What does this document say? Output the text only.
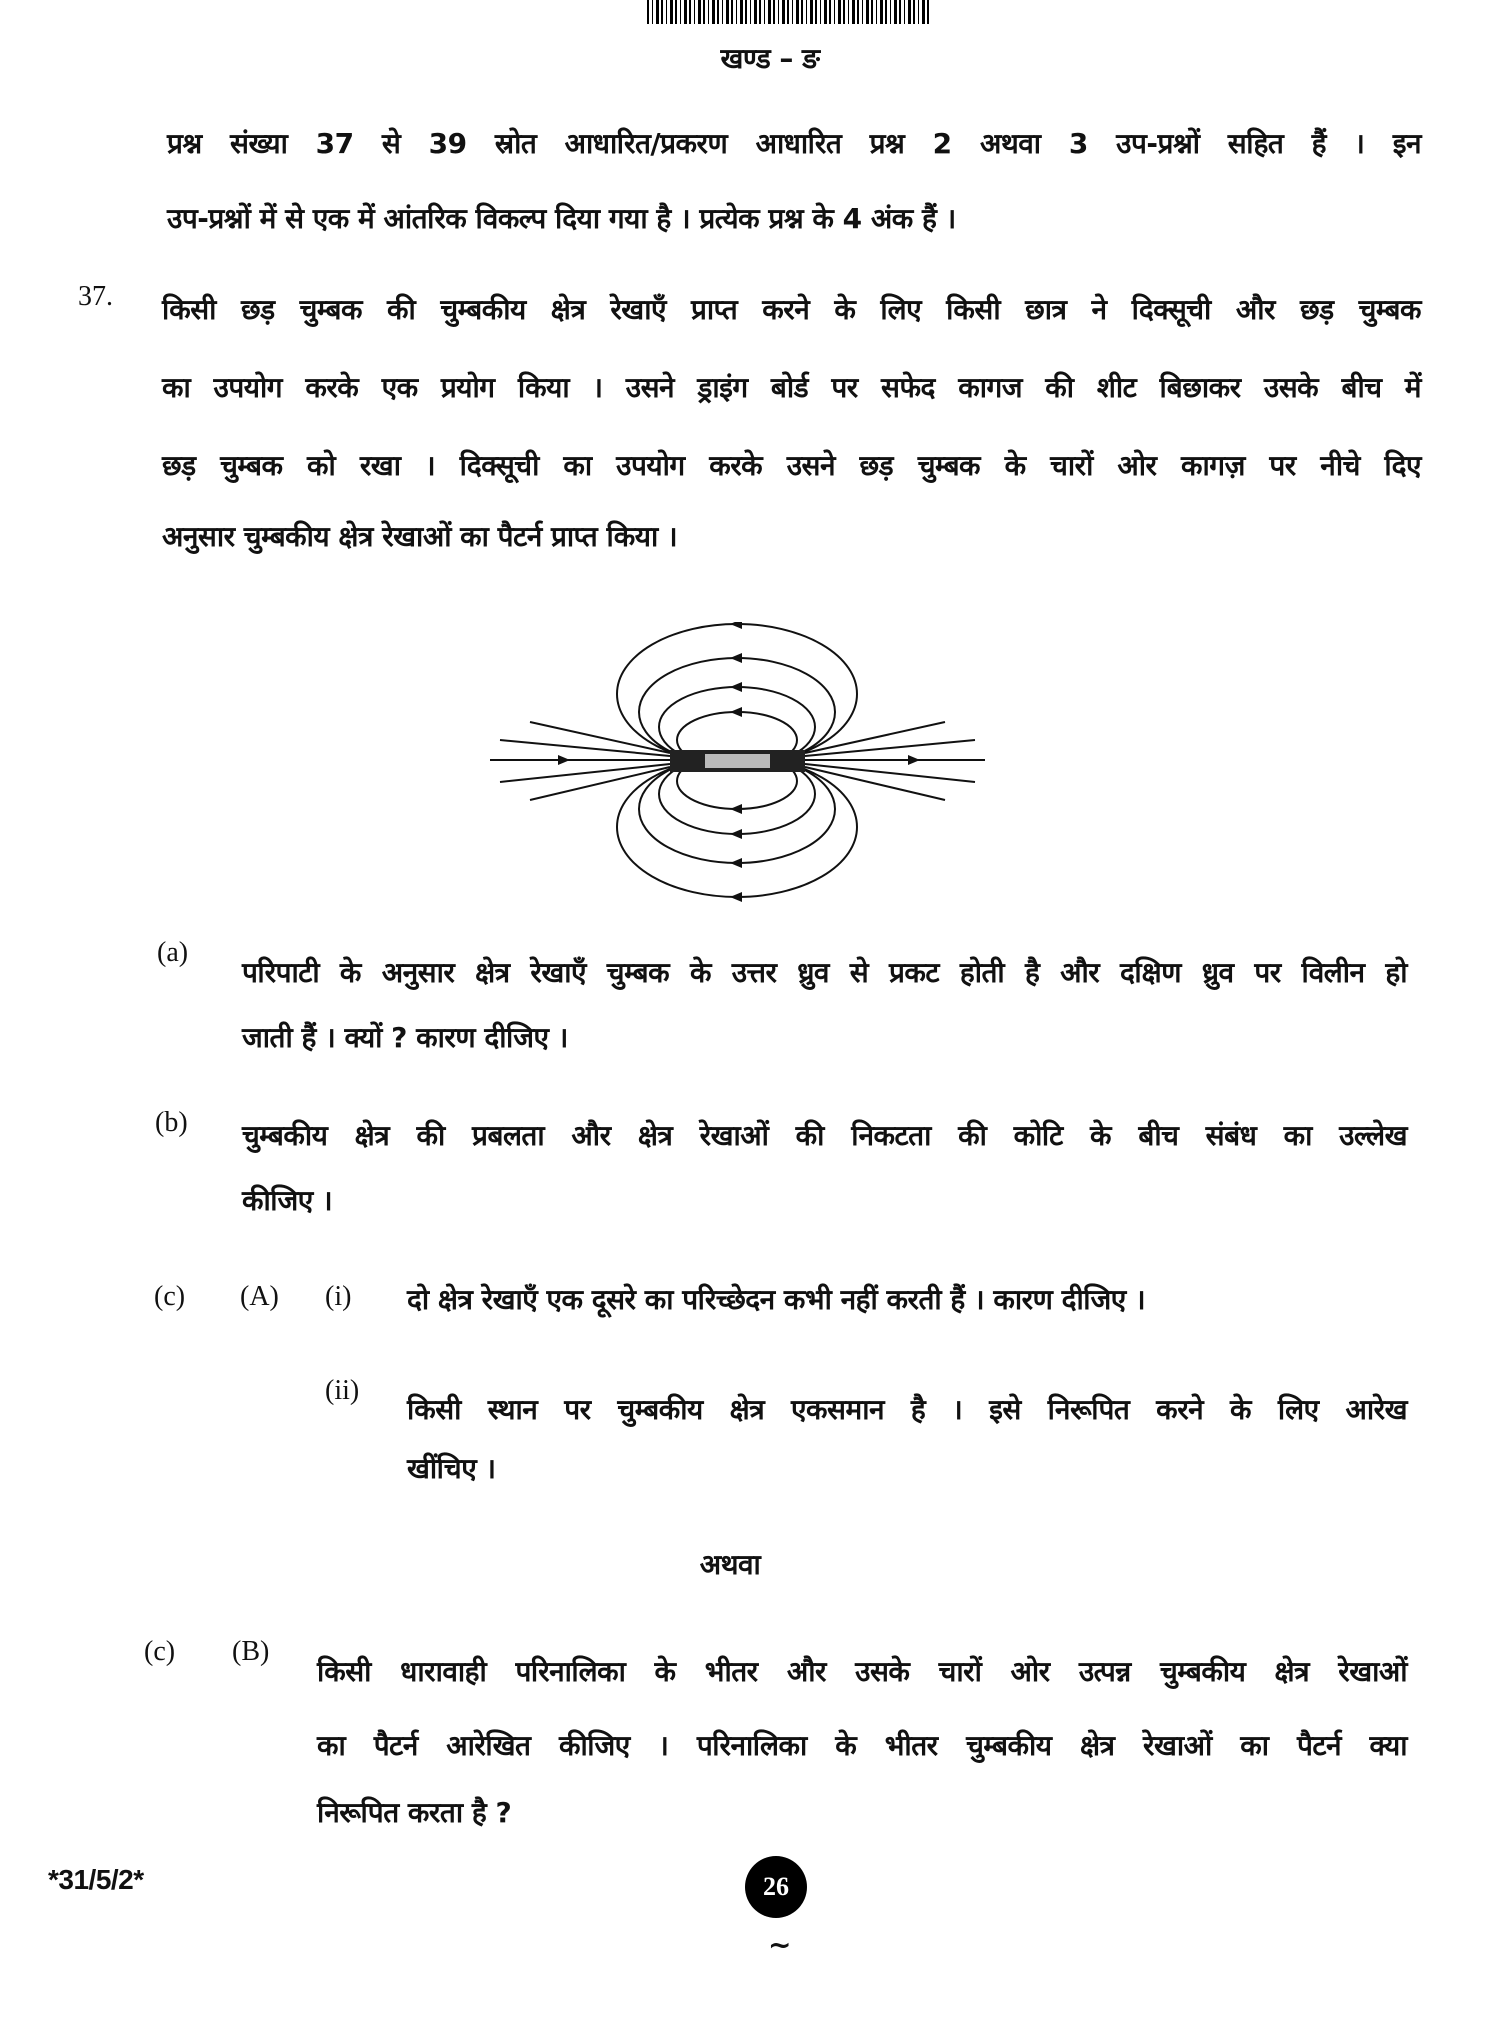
खण्ड – ङ
प्रश्न संख्या 37 से 39 स्रोत आधारित/प्रकरण आधारित प्रश्न 2 अथवा 3 उप-प्रश्नों सहित हैं । इन
उप-प्रश्नों में से एक में आंतरिक विकल्प दिया गया है । प्रत्येक प्रश्न के 4 अंक हैं ।
37. किसी छड़ चुम्बक की चुम्बकीय क्षेत्र रेखाएँ प्राप्त करने के लिए किसी छात्र ने दिक्सूची और छड़ चुम्बक
का उपयोग करके एक प्रयोग किया । उसने ड्राइंग बोर्ड पर सफेद कागज की शीट बिछाकर उसके बीच में
छड़ चुम्बक को रखा । दिक्सूची का उपयोग करके उसने छड़ चुम्बक के चारों ओर कागज़ पर नीचे दिए
अनुसार चुम्बकीय क्षेत्र रेखाओं का पैटर्न प्राप्त किया ।
(a)
परिपाटी के अनुसार क्षेत्र रेखाएँ चुम्बक के उत्तर ध्रुव से प्रकट होती है और दक्षिण ध्रुव पर विलीन हो
जाती हैं । क्यों ? कारण दीजिए ।
(b) चुम्बकीय क्षेत्र की प्रबलता और क्षेत्र रेखाओं की निकटता की कोटि के बीच संबंध का उल्लेख
कीजिए ।
(c) (A) (i) दो क्षेत्र रेखाएँ एक दूसरे का परिच्छेदन कभी नहीं करती हैं । कारण दीजिए ।
(ii)
किसी स्थान पर चुम्बकीय क्षेत्र एकसमान है । इसे निरूपित करने के लिए आरेख
खींचिए ।
अथवा
(c) (B)
किसी धारावाही परिनालिका के भीतर और उसके चारों ओर उत्पन्न चुम्बकीय क्षेत्र रेखाओं
का पैटर्न आरेखित कीजिए । परिनालिका के भीतर चुम्बकीय क्षेत्र रेखाओं का पैटर्न क्या
निरूपित करता है ?
*31/5/2*	26
~
